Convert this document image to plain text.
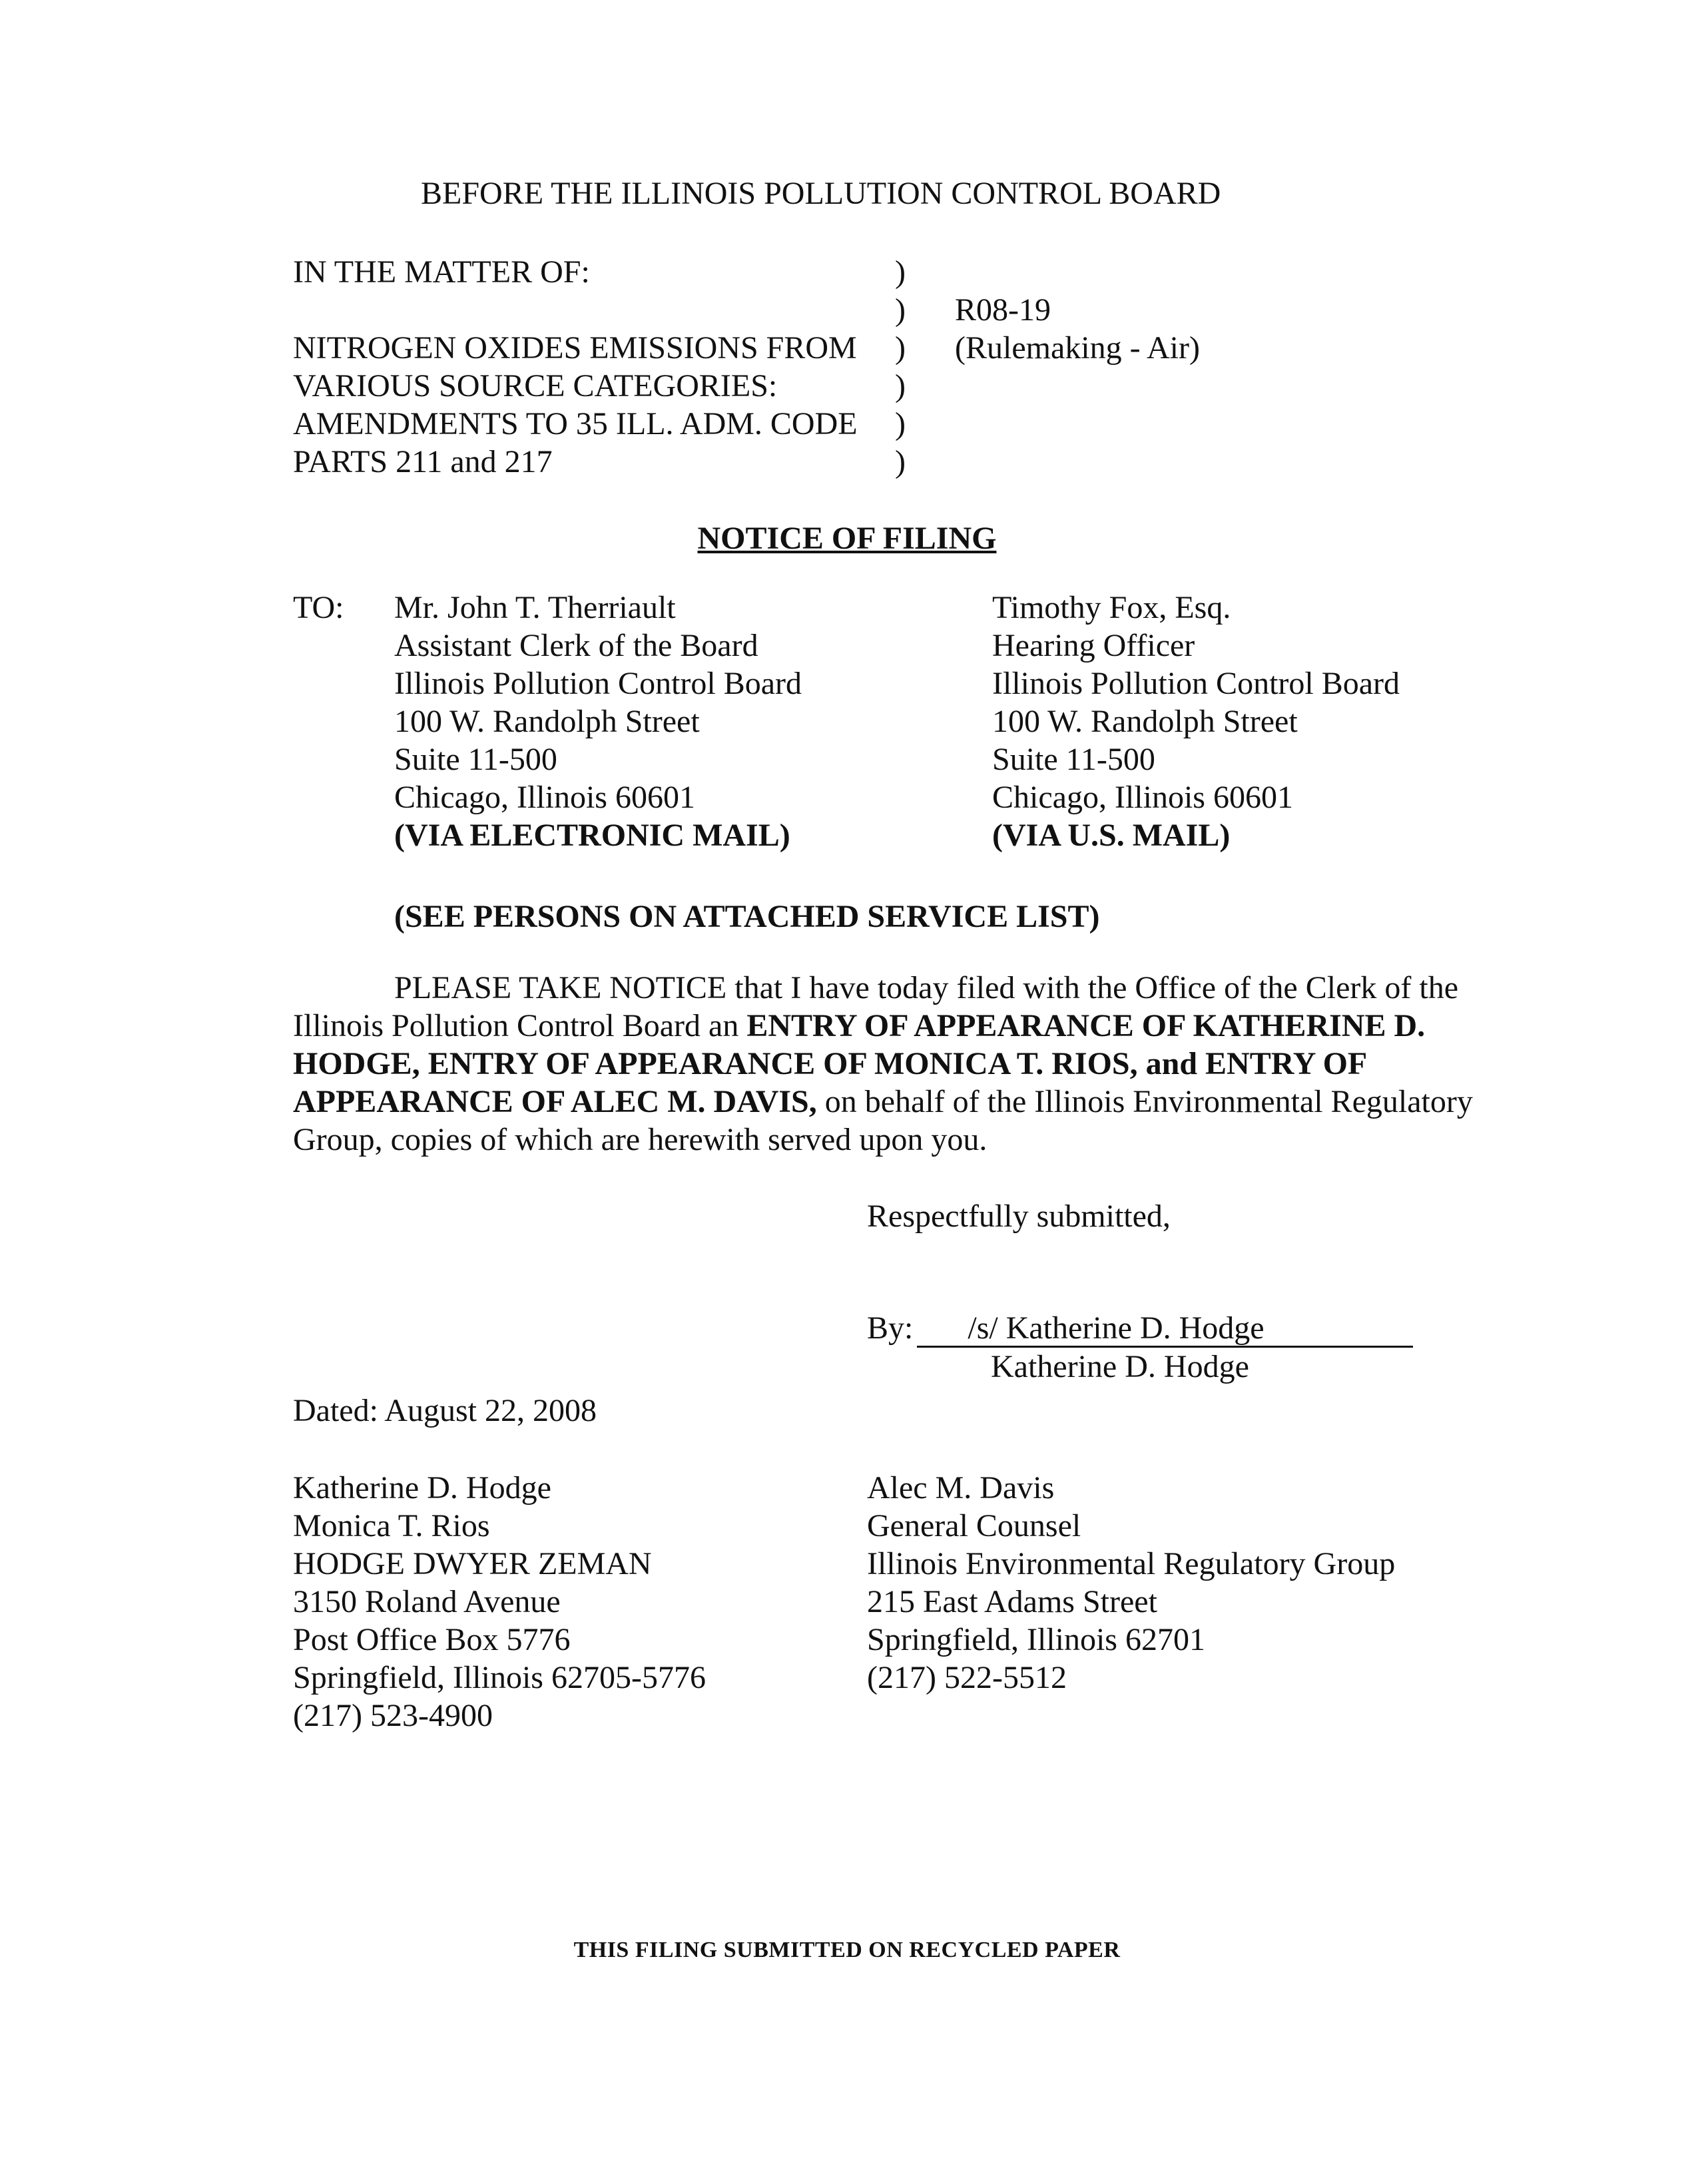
BEFORE THE ILLINOIS POLLUTION CONTROL BOARD
IN THE MATTER OF:
NITROGEN OXIDES EMISSIONS FROM
VARIOUS SOURCE CATEGORIES:
AMENDMENTS TO 35 ILL. ADM. CODE
PARTS 211 and 217
)
)
)
)
)
)
R08-19
(Rulemaking - Air)
NOTICE OF FILING
TO: Mr. John T. Therriault
Assistant Clerk of the Board
Illinois Pollution Control Board
100 W. Randolph Street
Suite 11-500
Chicago, Illinois 60601
(VIA ELECTRONIC MAIL)
Timothy Fox, Esq.
Hearing Officer
Illinois Pollution Control Board
100 W. Randolph Street
Suite 11-500
Chicago, Illinois 60601
(VIA U.S. MAIL)
(SEE PERSONS ON ATTACHED SERVICE LIST)
PLEASE TAKE NOTICE that I have today filed with the Office of the Clerk of the Illinois Pollution Control Board an ENTRY OF APPEARANCE OF KATHERINE D. HODGE, ENTRY OF APPEARANCE OF MONICA T. RIOS, and ENTRY OF APPEARANCE OF ALEC M. DAVIS, on behalf of the Illinois Environmental Regulatory Group, copies of which are herewith served upon you.
Respectfully submitted,
By: /s/ Katherine D. Hodge
Katherine D. Hodge
Dated: August 22, 2008
Katherine D. Hodge
Monica T. Rios
HODGE DWYER ZEMAN
3150 Roland Avenue
Post Office Box 5776
Springfield, Illinois 62705-5776
(217) 523-4900
Alec M. Davis
General Counsel
Illinois Environmental Regulatory Group
215 East Adams Street
Springfield, Illinois 62701
(217) 522-5512
THIS FILING SUBMITTED ON RECYCLED PAPER
